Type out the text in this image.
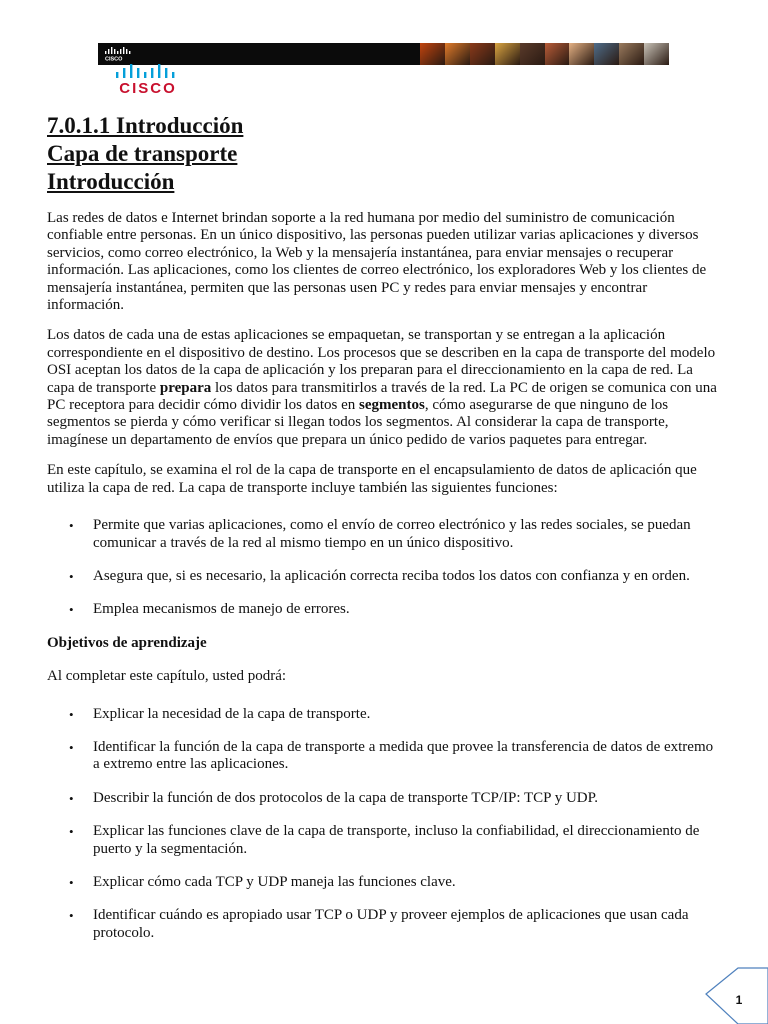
CISCO
CISCO
7.0.1.1 Introducción
Capa de transporte
Introducción

Las redes de datos e Internet brindan soporte a la red humana por medio del suministro de comunicación confiable entre personas. En un único dispositivo, las personas pueden utilizar varias aplicaciones y diversos servicios, como correo electrónico, la Web y la mensajería instantánea, para enviar mensajes o recuperar información. Las aplicaciones, como los clientes de correo electrónico, los exploradores Web y los clientes de mensajería instantánea, permiten que las personas usen PC y redes para enviar mensajes y encontrar información.

Los datos de cada una de estas aplicaciones se empaquetan, se transportan y se entregan a la aplicación correspondiente en el dispositivo de destino. Los procesos que se describen en la capa de transporte del modelo OSI aceptan los datos de la capa de aplicación y los preparan para el direccionamiento en la capa de red. La capa de transporte prepara los datos para transmitirlos a través de la red. La PC de origen se comunica con una PC receptora para decidir cómo dividir los datos en segmentos, cómo asegurarse de que ninguno de los segmentos se pierda y cómo verificar si llegan todos los segmentos. Al considerar la capa de transporte, imagínese un departamento de envíos que prepara un único pedido de varios paquetes para entregar.

En este capítulo, se examina el rol de la capa de transporte en el encapsulamiento de datos de aplicación que utiliza la capa de red. La capa de transporte incluye también las siguientes funciones:

• Permite que varias aplicaciones, como el envío de correo electrónico y las redes sociales, se puedan comunicar a través de la red al mismo tiempo en un único dispositivo.
• Asegura que, si es necesario, la aplicación correcta reciba todos los datos con confianza y en orden.
• Emplea mecanismos de manejo de errores.

Objetivos de aprendizaje

Al completar este capítulo, usted podrá:

• Explicar la necesidad de la capa de transporte.
• Identificar la función de la capa de transporte a medida que provee la transferencia de datos de extremo a extremo entre las aplicaciones.
• Describir la función de dos protocolos de la capa de transporte TCP/IP: TCP y UDP.
• Explicar las funciones clave de la capa de transporte, incluso la confiabilidad, el direccionamiento de puerto y la segmentación.
• Explicar cómo cada TCP y UDP maneja las funciones clave.
• Identificar cuándo es apropiado usar TCP o UDP y proveer ejemplos de aplicaciones que usan cada protocolo.
1
